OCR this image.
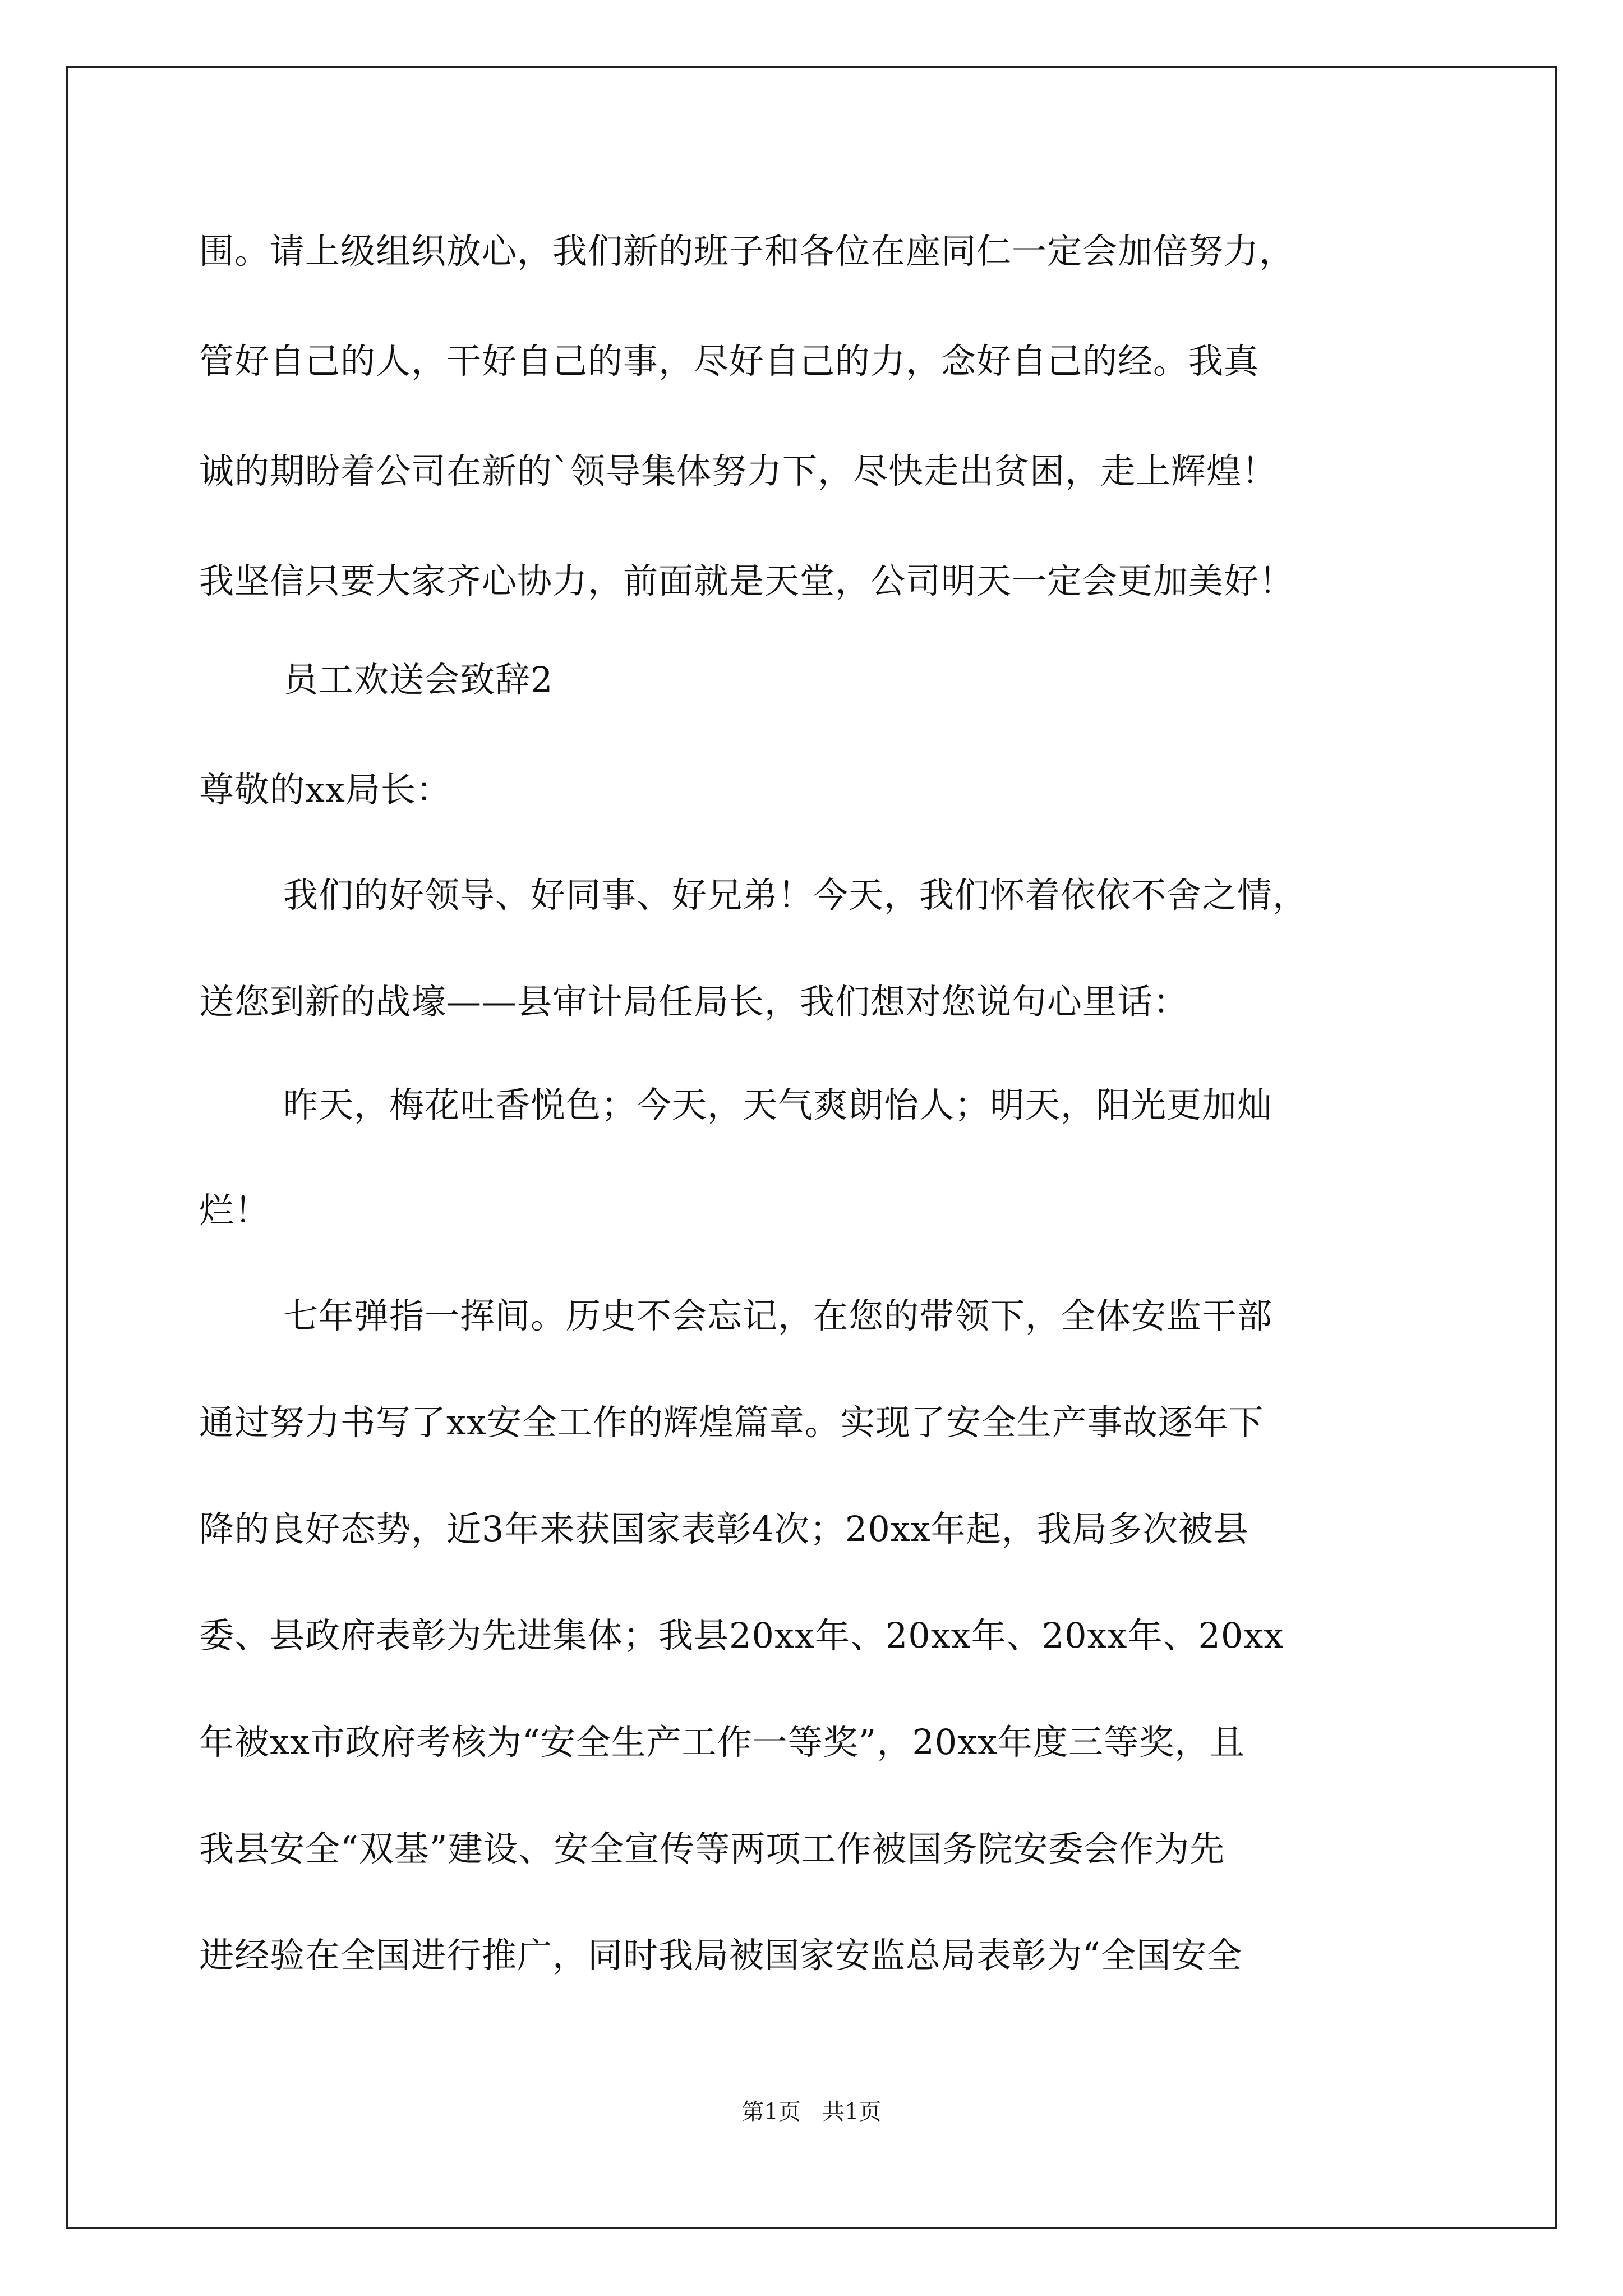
围。请上级组织放心，我们新的班子和各位在座同仁一定会加倍努力，
管好自己的人，干好自己的事，尽好自己的力，念好自己的经。我真
诚的期盼着公司在新的`领导集体努力下，尽快走出贫困，走上辉煌！
我坚信只要大家齐心协力，前面就是天堂，公司明天一定会更加美好！
员工欢送会致辞2
尊敬的xx局长：
我们的好领导、好同事、好兄弟！今天，我们怀着依依不舍之情，
送您到新的战壕——县审计局任局长，我们想对您说句心里话：
昨天，梅花吐香悦色；今天，天气爽朗怡人；明天，阳光更加灿
烂！
七年弹指一挥间。历史不会忘记，在您的带领下，全体安监干部
通过努力书写了xx安全工作的辉煌篇章。实现了安全生产事故逐年下
降的良好态势，近3年来获国家表彰4次；20xx年起，我局多次被县
委、县政府表彰为先进集体；我县20xx年、20xx年、20xx年、20xx
年被xx市政府考核为“安全生产工作一等奖”，20xx年度三等奖，且
我县安全“双基”建设、安全宣传等两项工作被国务院安委会作为先
进经验在全国进行推广，同时我局被国家安监总局表彰为“全国安全
第1页   共1页
